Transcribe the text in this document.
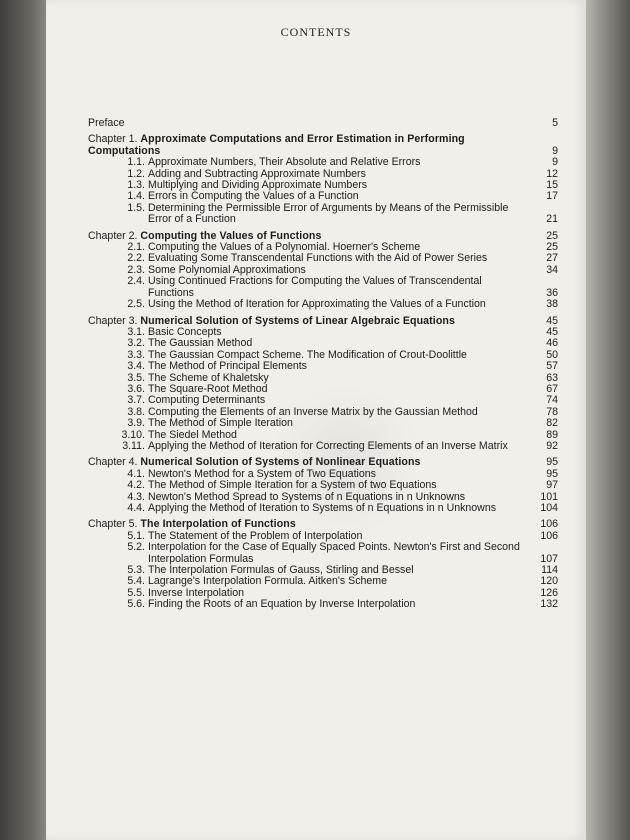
CONTENTS
Preface	5
Chapter 1. Approximate Computations and Error Estimation in Performing Computations	9
1.1. Approximate Numbers, Their Absolute and Relative Errors	9
1.2. Adding and Subtracting Approximate Numbers	12
1.3. Multiplying and Dividing Approximate Numbers	15
1.4. Errors in Computing the Values of a Function	17
1.5. Determining the Permissible Error of Arguments by Means of the Permissible Error of a Function	21
Chapter 2. Computing the Values of Functions	25
2.1. Computing the Values of a Polynomial. Hoerner's Scheme	25
2.2. Evaluating Some Transcendental Functions with the Aid of Power Series	27
2.3. Some Polynomial Approximations	34
2.4. Using Continued Fractions for Computing the Values of Transcendental Functions	36
2.5. Using the Method of Iteration for Approximating the Values of a Function	38
Chapter 3. Numerical Solution of Systems of Linear Algebraic Equations	45
3.1. Basic Concepts	45
3.2. The Gaussian Method	46
3.3. The Gaussian Compact Scheme. The Modification of Crout-Doolittle	50
3.4. The Method of Principal Elements	57
3.5. The Scheme of Khaletsky	63
3.6. The Square-Root Method	67
3.7. Computing Determinants	74
3.8. Computing the Elements of an Inverse Matrix by the Gaussian Method	78
3.9. The Method of Simple Iteration	82
3.10. The Siedel Method	89
3.11. Applying the Method of Iteration for Correcting Elements of an Inverse Matrix	92
Chapter 4. Numerical Solution of Systems of Nonlinear Equations	95
4.1. Newton's Method for a System of Two Equations	95
4.2. The Method of Simple Iteration for a System of two Equations	97
4.3. Newton's Method Spread to Systems of n Equations in n Unknowns	101
4.4. Applying the Method of Iteration to Systems of n Equations in n Unknowns	104
Chapter 5. The Interpolation of Functions	106
5.1. The Statement of the Problem of Interpolation	106
5.2. Interpolation for the Case of Equally Spaced Points. Newton's First and Second Interpolation Formulas	107
5.3. The Interpolation Formulas of Gauss, Stirling and Bessel	114
5.4. Lagrange's Interpolation Formula. Aitken's Scheme	120
5.5. Inverse Interpolation	126
5.6. Finding the Roots of an Equation by Inverse Interpolation	132
